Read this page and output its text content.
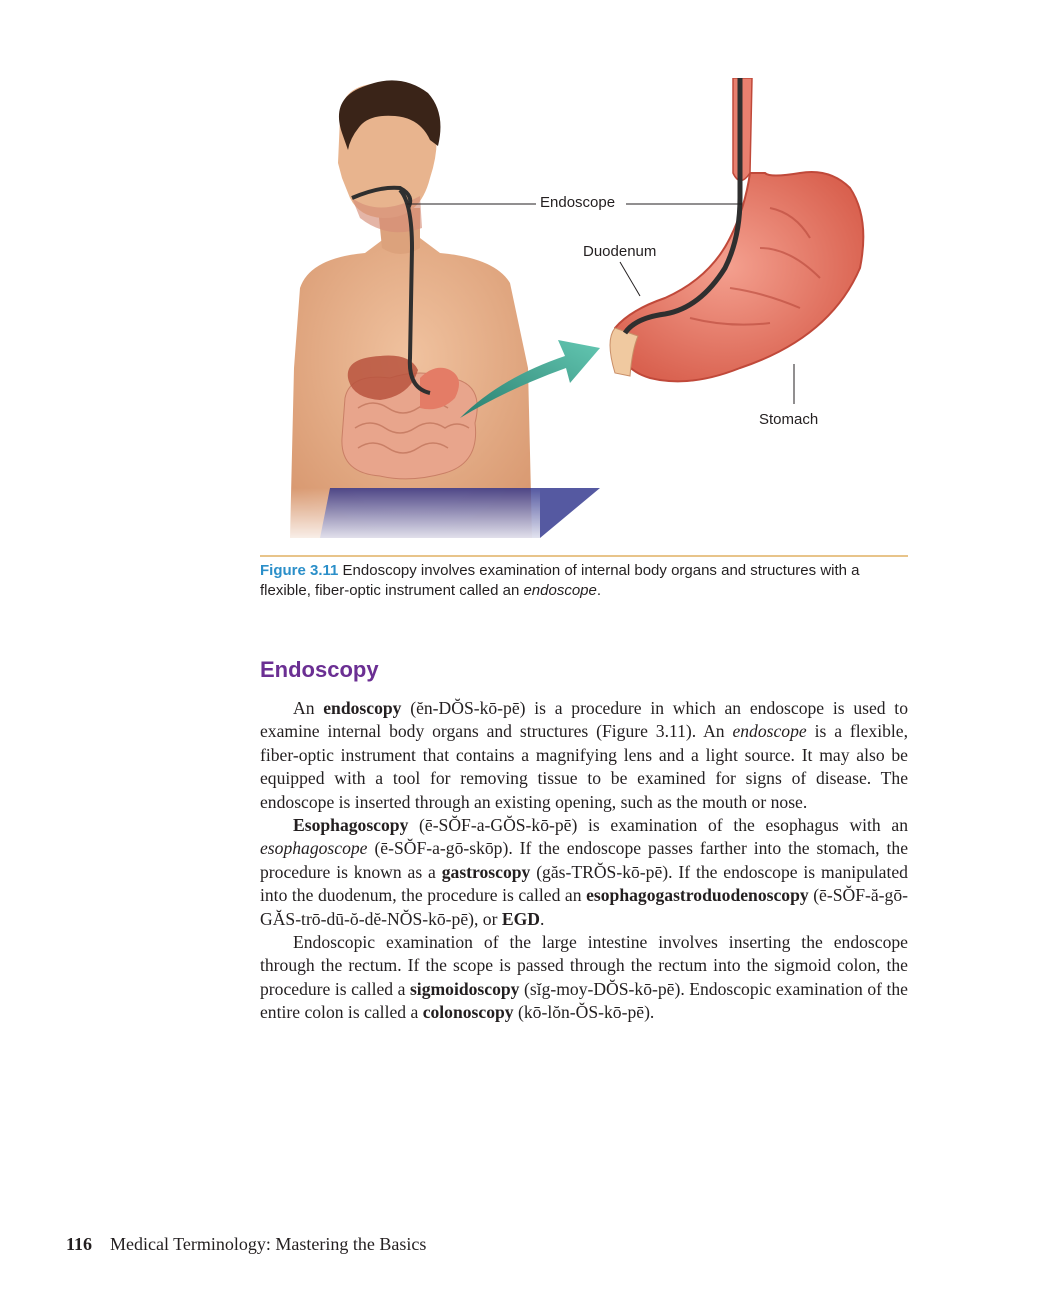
Endoscope
Duodenum
Stomach
Figure 3.11 Endoscopy involves examination of internal body organs and structures with a flexible, fiber-optic instrument called an endoscope.
Endoscopy

An endoscopy (ĕn-DŎS-kō-pē) is a procedure in which an endoscope is used to examine internal body organs and structures (Figure 3.11). An endoscope is a flexible, fiber-optic instrument that contains a magnifying lens and a light source. It may also be equipped with a tool for removing tissue to be examined for signs of disease. The endoscope is inserted through an existing opening, such as the mouth or nose.

Esophagoscopy (ē-SŎF-a-GŎS-kō-pē) is examination of the esophagus with an esophagoscope (ē-SŎF-a-gō-skōp). If the endoscope passes farther into the stomach, the procedure is known as a gastroscopy (găs-TRŎS-kō-pē). If the endoscope is manipulated into the duodenum, the procedure is called an esophagogastroduodenoscopy (ē-SŎF-ă-gō-GĂS-trō-dū-ŏ-dĕ-NŎS-kō-pē), or EGD.

Endoscopic examination of the large intestine involves inserting the endoscope through the rectum. If the scope is passed through the rectum into the sigmoid colon, the procedure is called a sigmoidoscopy (sĭg-moy-DŎS-kō-pē). Endoscopic examination of the entire colon is called a colonoscopy (kō-lŏn-ŎS-kō-pē).

116 Medical Terminology: Mastering the Basics
